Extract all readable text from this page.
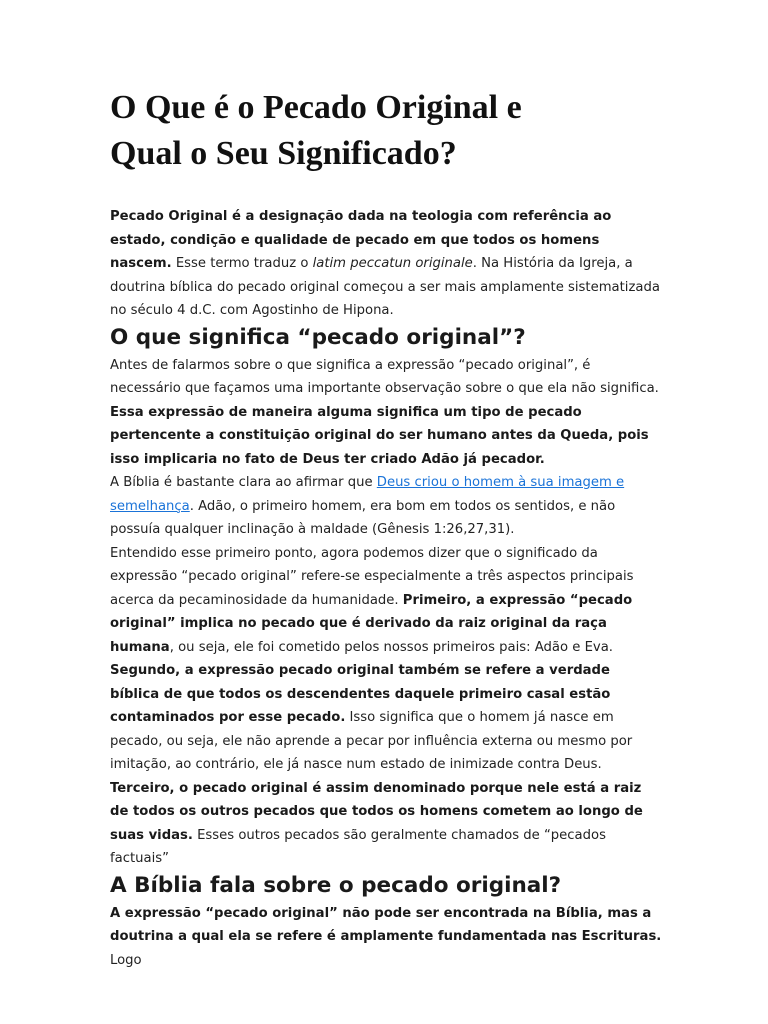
O Que é o Pecado Original e Qual o Seu Significado?

Pecado Original é a designação dada na teologia com referência ao estado, condição e qualidade de pecado em que todos os homens nascem. Esse termo traduz o latim peccatun originale. Na História da Igreja, a doutrina bíblica do pecado original começou a ser mais amplamente sistematizada no século 4 d.C. com Agostinho de Hipona.

O que significa “pecado original”?

Antes de falarmos sobre o que significa a expressão “pecado original”, é necessário que façamos uma importante observação sobre o que ela não significa. Essa expressão de maneira alguma significa um tipo de pecado pertencente a constituição original do ser humano antes da Queda, pois isso implicaria no fato de Deus ter criado Adão já pecador.

A Bíblia é bastante clara ao afirmar que Deus criou o homem à sua imagem e semelhança. Adão, o primeiro homem, era bom em todos os sentidos, e não possuía qualquer inclinação à maldade (Gênesis 1:26,27,31).

Entendido esse primeiro ponto, agora podemos dizer que o significado da expressão “pecado original” refere-se especialmente a três aspectos principais acerca da pecaminosidade da humanidade. Primeiro, a expressão “pecado original” implica no pecado que é derivado da raiz original da raça humana, ou seja, ele foi cometido pelos nossos primeiros pais: Adão e Eva.

Segundo, a expressão pecado original também se refere a verdade bíblica de que todos os descendentes daquele primeiro casal estão contaminados por esse pecado. Isso significa que o homem já nasce em pecado, ou seja, ele não aprende a pecar por influência externa ou mesmo por imitação, ao contrário, ele já nasce num estado de inimizade contra Deus.

Terceiro, o pecado original é assim denominado porque nele está a raiz de todos os outros pecados que todos os homens cometem ao longo de suas vidas. Esses outros pecados são geralmente chamados de “pecados factuais”

A Bíblia fala sobre o pecado original?

A expressão “pecado original” não pode ser encontrada na Bíblia, mas a doutrina a qual ela se refere é amplamente fundamentada nas Escrituras. Logo
